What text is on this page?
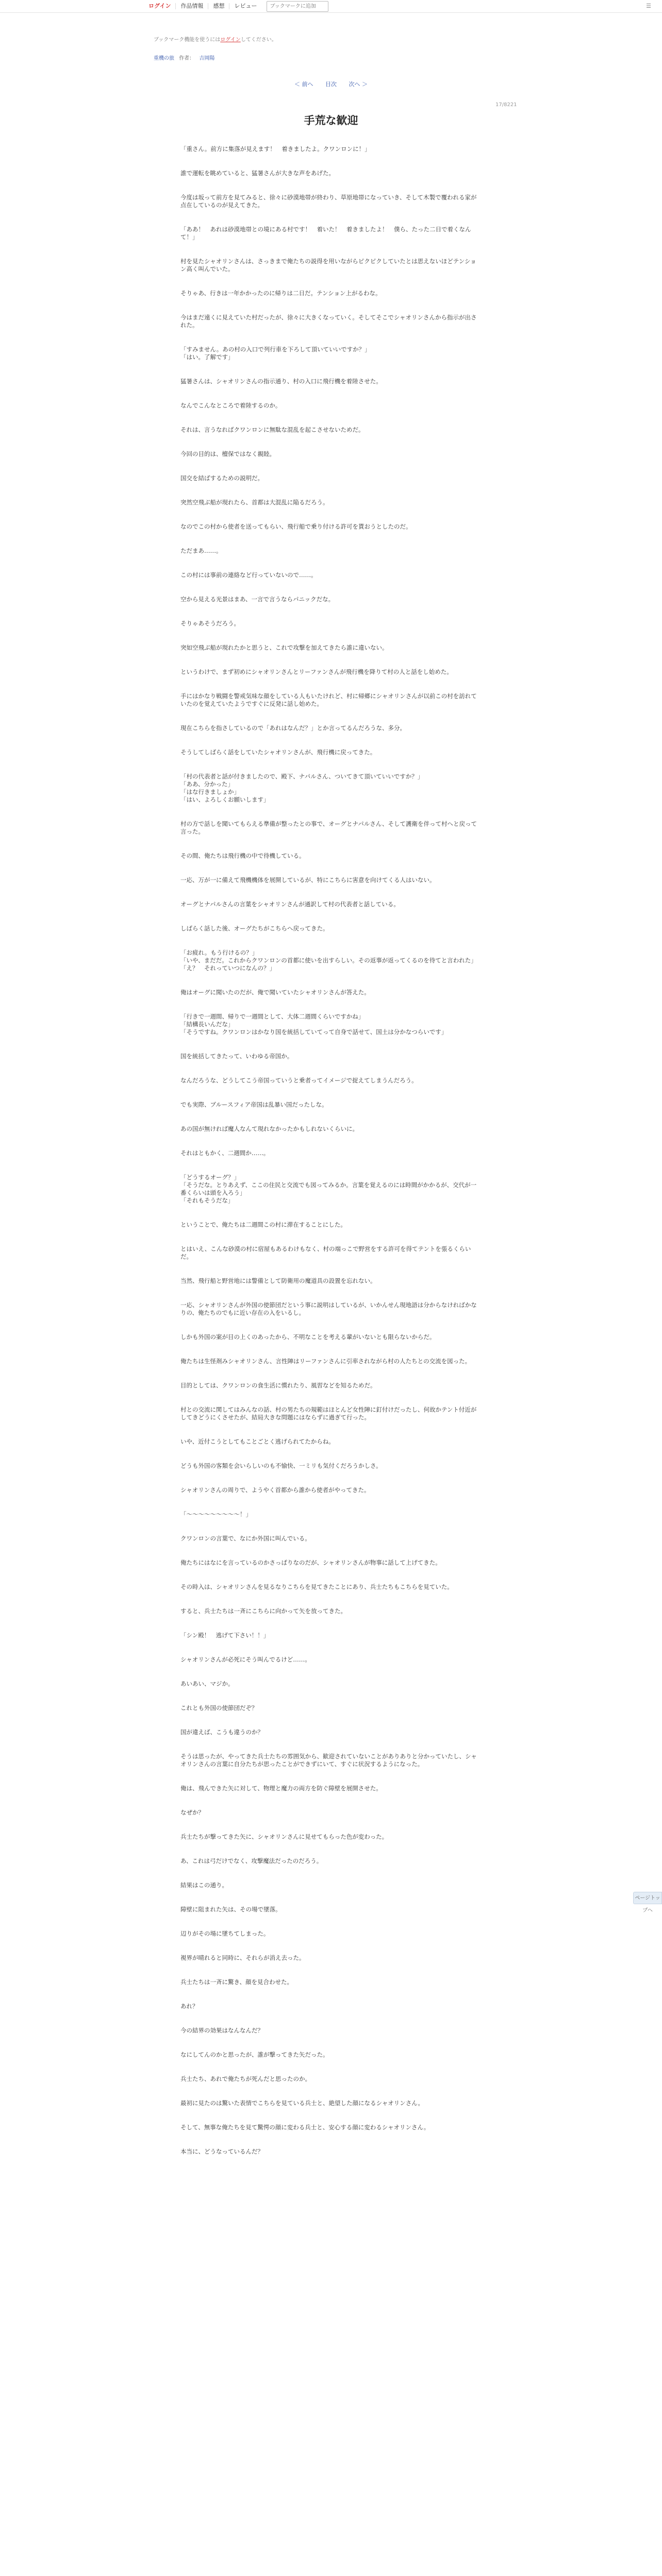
ログイン	作品情報	感想	レビュー
ブックマークに追加	☰
ブックマーク機能を使うにはログインしてください。
重機の旅 作者： 吉岡陽
＜ 前へ 目次 次へ ＞
17/8221
手荒な歓迎
「重さん。前方に集落が見えます！　着きましたよ。クワンロンに！」
誰で運転を眺めていると、猛暑さんが大きな声をあげた。
今度は坂って前方を見てみると、徐々に砂漠地帯が終わり、草原地帯になっていき、そして木製で覆われる家が点在しているのが見えてきた。
「ああ！　あれは砂漠地帯との境にある村です！　着いた！　着きましたよ！　僕ら、たった二日で着くなんて！」
村を見たシャオリンさんは、さっきまで俺たちの説得を用いながらピクピクしていたとは思えないほどテンション高く叫んでいた。
そりゃあ、行きは一年かかったのに帰りは二日だ。テンション上がるわな。
今はまだ遠くに見えていた村だったが、徐々に大きくなっていく。そしてそこでシャオリンさんから指示が出された。
「すみません。あの村の入口で列行車を下ろして頂いていいですか？」
「はい。了解です」
猛暑さんは、シャオリンさんの指示通り、村の入口に飛行機を着陸させた。
なんでこんなところで着陸するのか。
それは、言うなればクワンロンに無駄な混乱を起こさせないためだ。
今回の目的は、檀保ではなく親睦。
国交を結ばするための説明だ。
突然空飛ぶ船が現れたら、首都は大混乱に陥るだろう。
なのでこの村から使者を送ってもらい、飛行船で乗り付ける許可を貰おうとしたのだ。
ただまあ……。
この村には事前の連絡など行っていないので……。
空から見える光景はまあ、一言で言うならパニックだな。
そりゃあそうだろう。
突如空飛ぶ船が現れたかと思うと、これで攻撃を加えてきたら誰に違いない。
というわけで、まず初めにシャオリンさんとリーファンさんが飛行機を降りて村の人と話をし始めた。
手にはかなり戦闘を警戒気味な顔をしている人もいたけれど、村に帰郷にシャオリンさんが以前この村を訪れていたのを覚えていたようですぐに反発に話し始めた。
現在こちらを指さしているので「あれはなんだ？」とか言ってるんだろうな、多分。
そうしてしばらく話をしていたシャオリンさんが、飛行機に戻ってきた。
「村の代表者と話が付きましたので、殿下、ナパルさん、ついてきて頂いていいですか？」
「ああ、分かった」
「はな行きましょか」
「はい、よろしくお願いします」
村の方で話しを聞いてもらえる準備が整ったとの事で、オーグとナパルさん、そして護衛を伴って村へと戻って言った。
その間、俺たちは飛行機の中で待機している。
一応、万が一に備えて飛機機体を展開しているが、特にこちらに害意を向けてくる人はいない。
オーグとナパルさんの言葉をシャオリンさんが通訳して村の代表者と話している。
しばらく話した後、オーグたちがこちらへ戻ってきた。
「お疲れ。もう行けるの？」
「いや、まだだ。これからクワンロンの首都に使いを出すらしい。その返事が返ってくるのを待てと言われた」
「え？　それっていつになんの？」
俺はオーグに聞いたのだが、俺で聞いていたシャオリンさんが答えた。
「行きで一週間、帰りで一週間として、大体二週間くらいですかね」
「結構長いんだな」
「そうですね。クワンロンはかなり国を統括していてって自身で話せて、国土は分かなつらいです」
国を統括してきたって、いわゆる帝国か。
なんだろうな、どうしてこう帝国っていうと乗者ってイメージで捉えてしまうんだろう。
でも実際、ブルースフィア帝国は乱暴い国だったしな。
あの国が無ければ魔人なんて現れなかったかもしれないくらいに。
それはともかく、二週間か……。
「どうするオーグ？」
「そうだな。とりあえず、ここの住民と交流でも図ってみるか。言葉を覚えるのには時間がかかるが、交代が一番くらいは頭を入ろう」
「それもそうだな」
ということで、俺たちは二週間この村に滞在することにした。
とはいえ、こんな砂漠の村に宿屋もあるわけもなく、村の端っこで野営をする許可を得てテントを張るくらいだ。
当然、飛行船と野営地には警備として防衛用の魔道具の設置を忘れない。
一応、シャオリンさんが外国の使節団だという事に説明はしているが、いかんせん現地語は分からなければかなりの、俺たちのでもに近い存在の入をいるし。
しかも外国の案が目の上くのあったから、不明なことを考える輩がいないとも限らないからだ。
俺たちは生怪剤みシャオリンさん、言性陣はリーファンさんに引率されながら村の人たちとの交流を図った。
目的としては、クワンロンの食生活に慣れたり、風習などを知るためだ。
村との交流に関してはみんなの話、村の男たちの規範はほとんど女性陣に釘付けだったし、何故かテント付近がしてきどうにくさせたが、結局大きな問題にはならずに過ぎて行った。
いや、近付こうとしてもことごとく逃げられてたからね。
どうも外国の客類を会いらしいのも不愉快、一ミリも気付くだろうかしさ。
シャオリンさんの周りで、ようやく首都から誰から使者がやってきた。
「～～～～～～～～～！」
クワンロンの言葉で、なにか外国に叫んでいる。
俺たちにはなにを言っているのかさっぱりなのだが、シャオリンさんが物事に話して上げてきた。
その時入は、シャオリンさんを見るなりこちらを見てきたことにあり、兵士たちもこちらを見ていた。
すると、兵士たちは一斉にこちらに向かって矢を放ってきた。
「シン殿！　逃げて下さい！！」
シャオリンさんが必死にそう叫んでるけど……。
あいあい、マジか。
これとも外国の使節団だぞ？
国が違えば、こうも違うのか？
そうは思ったが、やってきた兵士たちの雰囲気から、歓迎されていないことがありありと分かっていたし、シャオリンさんの言葉に自分たちが思ったことができずにいて、すぐに状況するようになった。
俺は、飛んできた矢に対して、物理と魔力の両方を防ぐ障壁を展開させた。
なぜか？
兵士たちが撃ってきた矢に、シャオリンさんに見せてもらった色が変わった。
あ、これは弓だけでなく、攻撃魔法だったのだろう。
結果はこの通り。
障壁に阻まれた矢は、その場で墜落。
辺りがその場に墜ちてしまった。
視界が晴れると同時に、それらが消え去った。
兵士たちは一斉に驚き、顔を見合わせた。
あれ？
今の結界の効果はなんなんだ？
なにしてんのかと思ったが、誰が撃ってきた矢だった。
兵士たち、あれで俺たちが死んだと思ったのか。
最初に見たのは驚いた表情でこちらを見ている兵士と、絶望した顔になるシャオリンさん。
そして、無事な俺たちを見て驚愕の顔に変わる兵士と、安心する顔に変わるシャオリンさん。
本当に、どうなっているんだ？
ページトップへ
